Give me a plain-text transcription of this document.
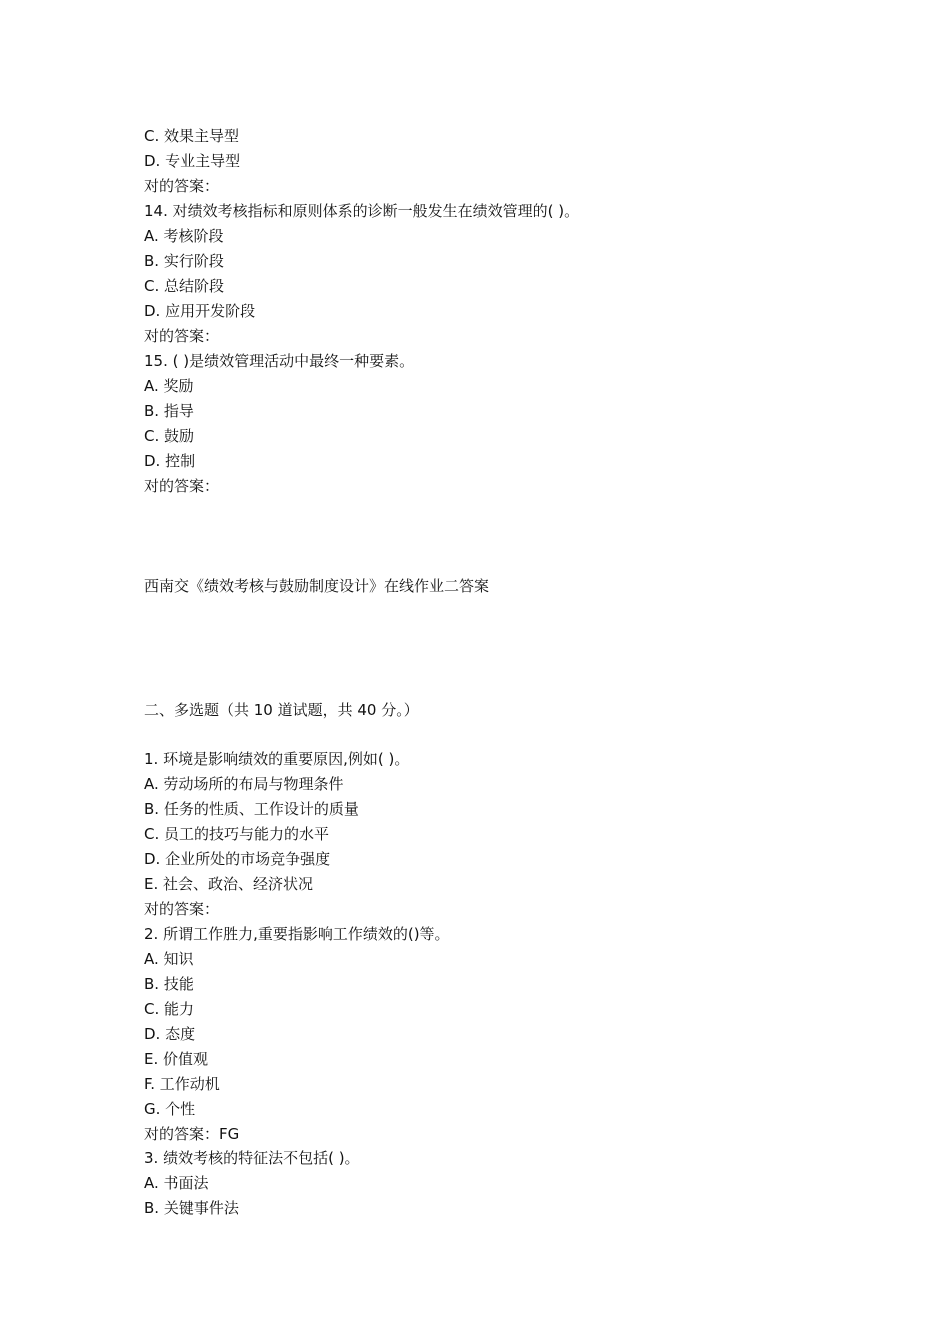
C. 效果主导型
D. 专业主导型
对的答案：
14. 对绩效考核指标和原则体系的诊断一般发生在绩效管理的( )。
A. 考核阶段
B. 实行阶段
C. 总结阶段
D. 应用开发阶段
对的答案：
15. ( )是绩效管理活动中最终一种要素。
A. 奖励
B. 指导
C. 鼓励
D. 控制
对的答案：
西南交《绩效考核与鼓励制度设计》在线作业二答案
二、多选题（共 10 道试题，共 40 分。）
1. 环境是影响绩效的重要原因,例如( )。
A. 劳动场所的布局与物理条件
B. 任务的性质、工作设计的质量
C. 员工的技巧与能力的水平
D. 企业所处的市场竞争强度
E. 社会、政治、经济状况
对的答案：
2. 所谓工作胜力,重要指影响工作绩效的()等。
A. 知识
B. 技能
C. 能力
D. 态度
E. 价值观
F. 工作动机
G. 个性
对的答案：FG
3. 绩效考核的特征法不包括( )。
A. 书面法
B. 关键事件法
